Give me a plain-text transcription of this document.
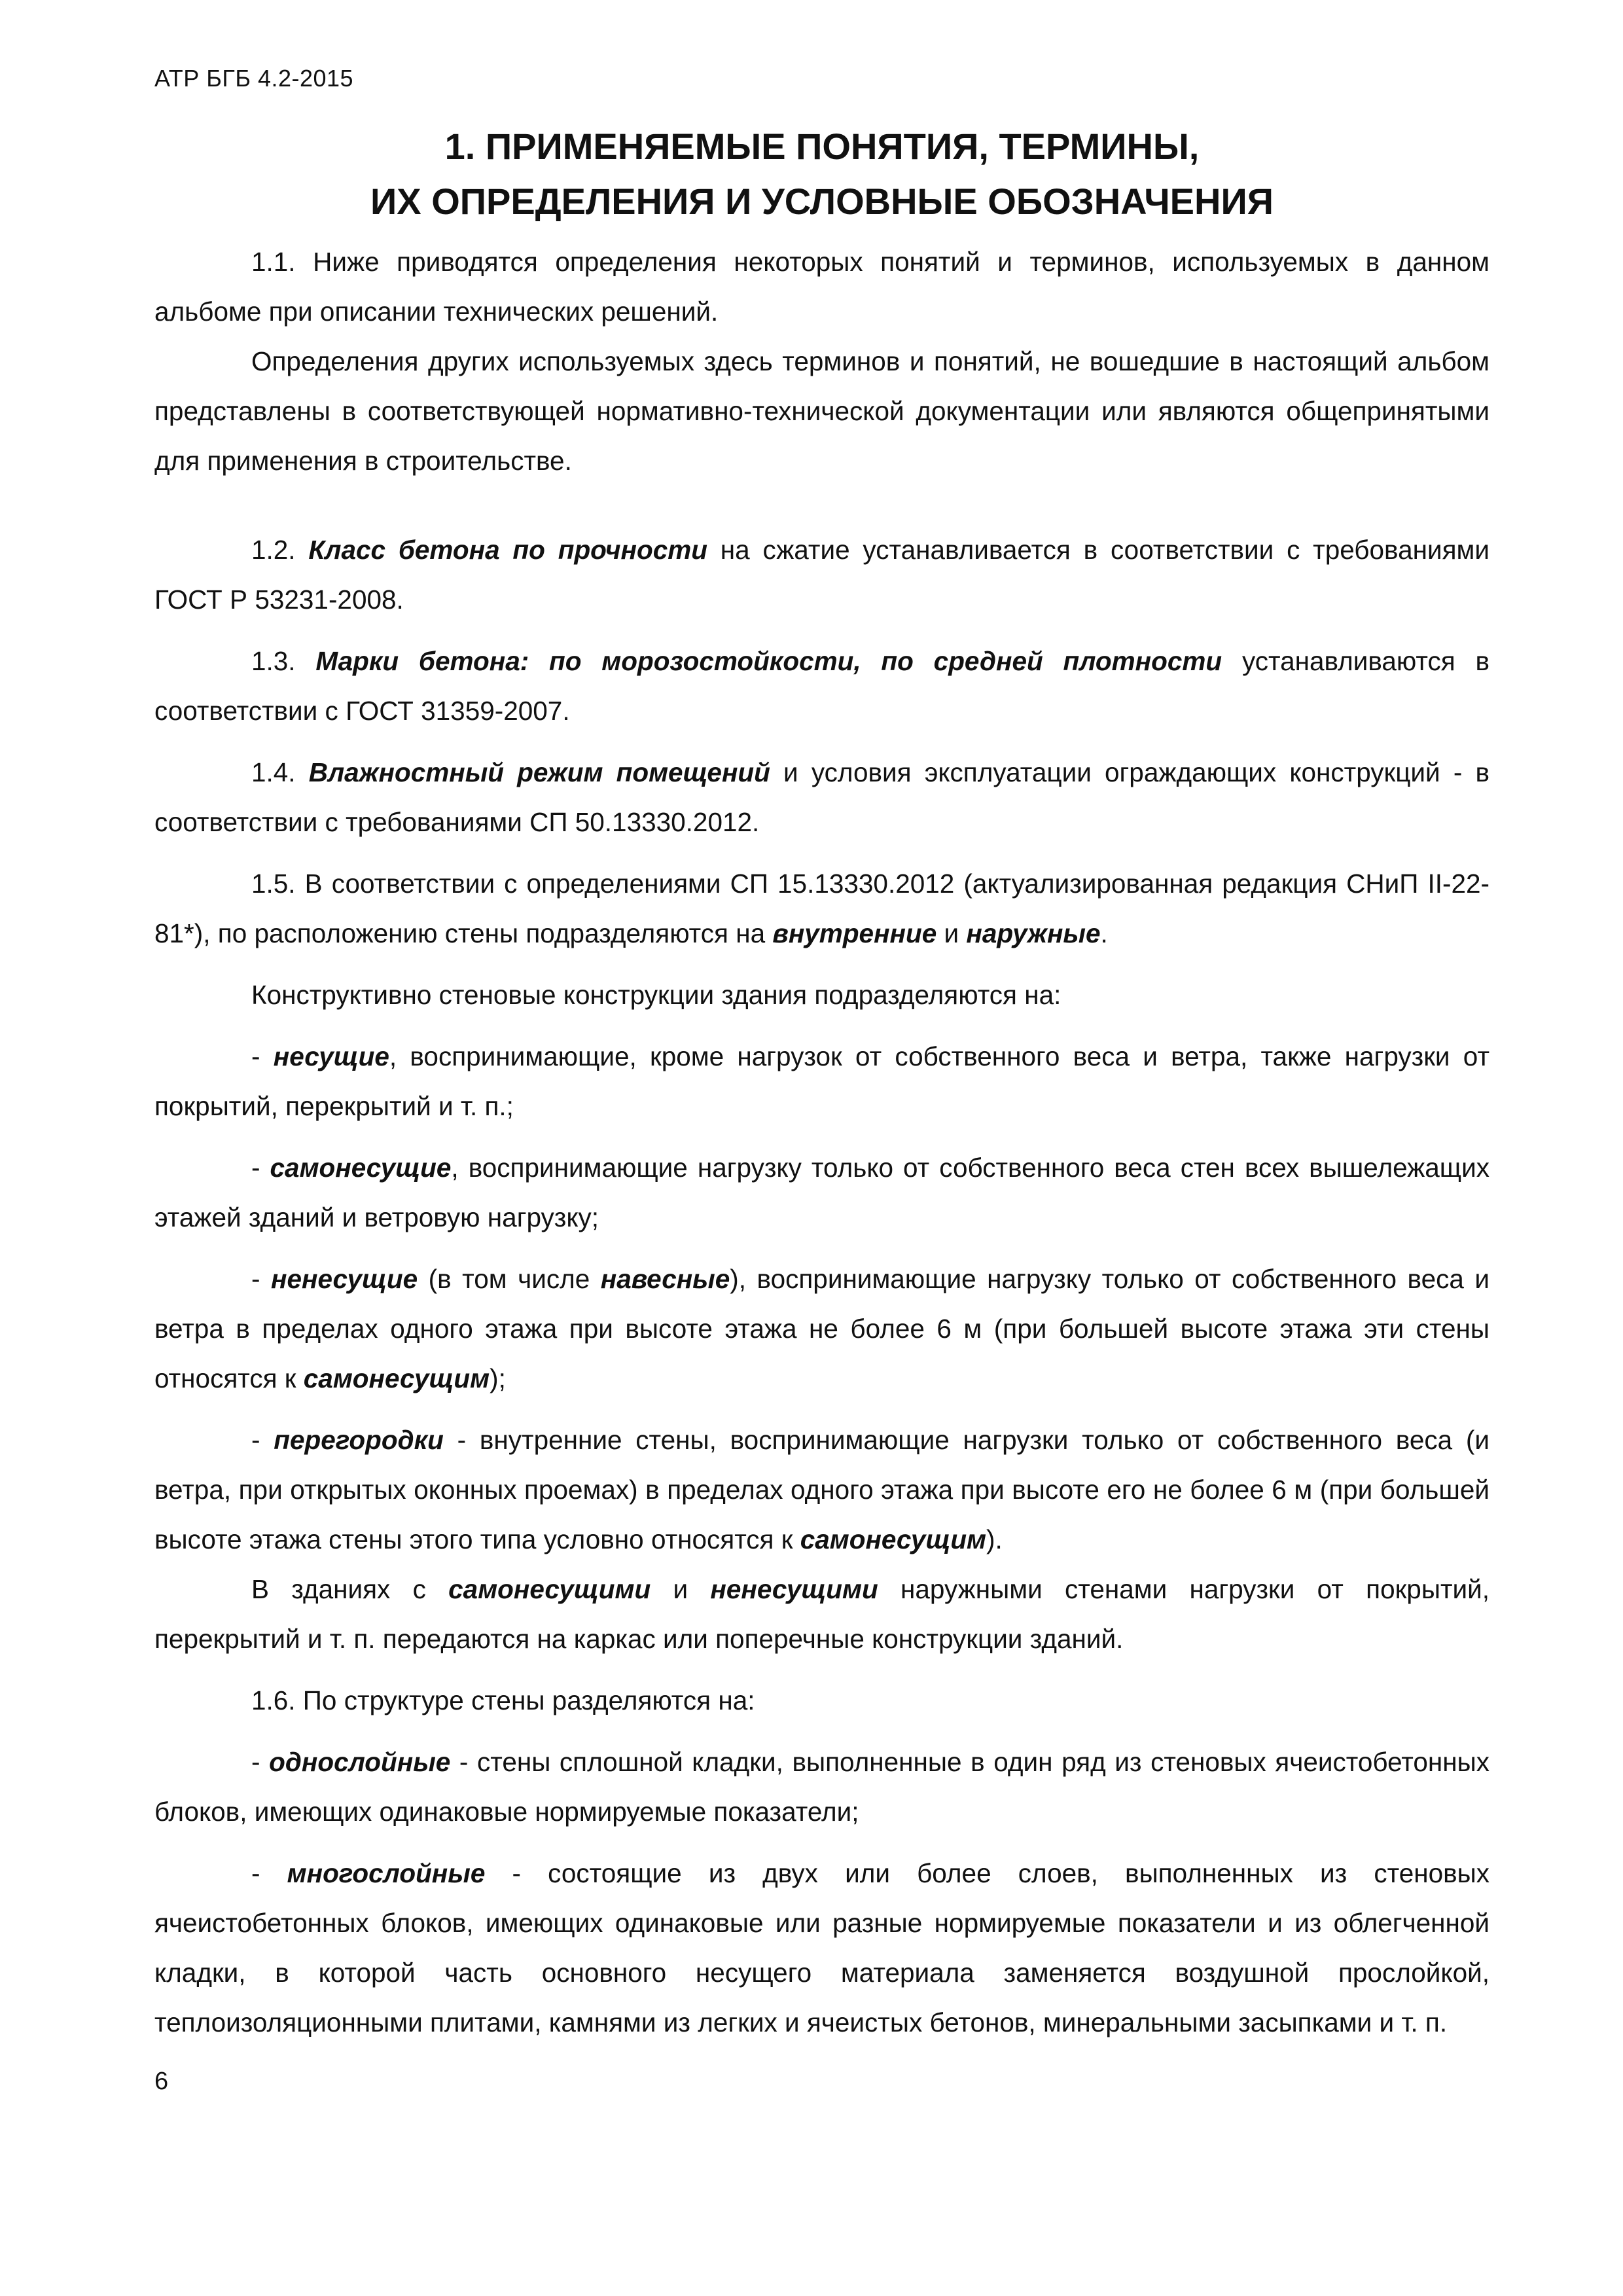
АТР БГБ 4.2-2015
1. ПРИМЕНЯЕМЫЕ ПОНЯТИЯ, ТЕРМИНЫ,
ИХ ОПРЕДЕЛЕНИЯ И УСЛОВНЫЕ ОБОЗНАЧЕНИЯ

1.1. Ниже приводятся определения некоторых понятий и терминов, используемых в данном альбоме при описании технических решений.

Определения других используемых здесь терминов и понятий, не вошедшие в настоящий альбом представлены в соответствующей нормативно-технической документации или являются общепринятыми для применения в строительстве.

1.2. Класс бетона по прочности на сжатие устанавливается в соответствии с требованиями ГОСТ Р 53231-2008.

1.3. Марки бетона: по морозостойкости, по средней плотности устанавливаются в соответствии с ГОСТ 31359-2007.

1.4. Влажностный режим помещений и условия эксплуатации ограждающих конструкций - в соответствии с требованиями СП 50.13330.2012.

1.5. В соответствии с определениями СП 15.13330.2012 (актуализированная редакция СНиП II-22-81*), по расположению стены подразделяются на внутренние и наружные.

Конструктивно стеновые конструкции здания подразделяются на:

- несущие, воспринимающие, кроме нагрузок от собственного веса и ветра, также нагрузки от покрытий, перекрытий и т. п.;

- самонесущие, воспринимающие нагрузку только от собственного веса стен всех вышележащих этажей зданий и ветровую нагрузку;

- ненесущие (в том числе навесные), воспринимающие нагрузку только от собственного веса и ветра в пределах одного этажа при высоте этажа не более 6 м (при большей высоте этажа эти стены относятся к самонесущим);

- перегородки - внутренние стены, воспринимающие нагрузки только от собственного веса (и ветра, при открытых оконных проемах) в пределах одного этажа при высоте его не более 6 м (при большей высоте этажа стены этого типа условно относятся к самонесущим).

В зданиях с самонесущими и ненесущими наружными стенами нагрузки от покрытий, перекрытий и т. п. передаются на каркас или поперечные конструкции зданий.

1.6. По структуре стены разделяются на:

- однослойные - стены сплошной кладки, выполненные в один ряд из стеновых ячеистобетонных блоков, имеющих одинаковые нормируемые показатели;

- многослойные - состоящие из двух или более слоев, выполненных из стеновых ячеистобетонных блоков, имеющих одинаковые или разные нормируемые показатели и из облегченной кладки, в которой часть основного несущего материала заменяется воздушной прослойкой, теплоизоляционными плитами, камнями из легких и ячеистых бетонов, минеральными засыпками и т. п.

6
